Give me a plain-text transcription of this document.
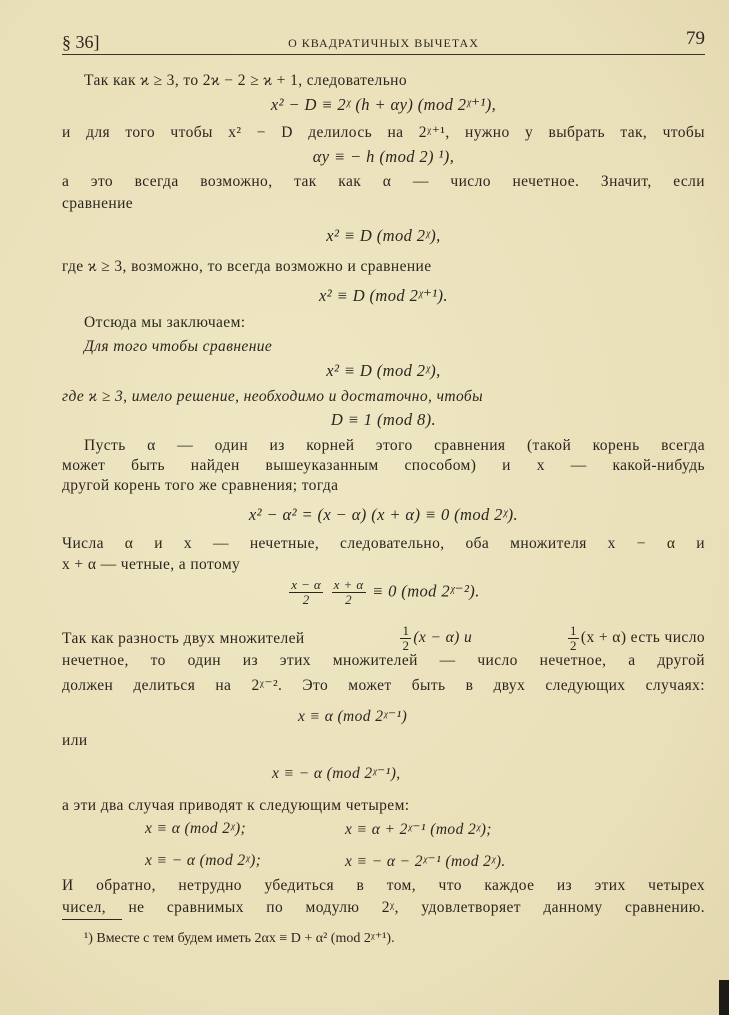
§ 36]	О КВАДРАТИЧНЫХ ВЫЧЕТАХ	79
Так как ϰ ≥ 3, то 2ϰ − 2 ≥ ϰ + 1, следовательно
x² − D ≡ 2ᵡ (h + αy) (mod 2ᵡ⁺¹),
и для того чтобы x² − D делилось на 2ᵡ⁺¹, нужно y выбрать так, чтобы
αy ≡ − h (mod 2) ¹),
а это всегда возможно, так как α — число нечетное. Значит, если
сравнение
x² ≡ D (mod 2ᵡ),
где ϰ ≥ 3, возможно, то всегда возможно и сравнение
x² ≡ D (mod 2ᵡ⁺¹).
Отсюда мы заключаем:
Для того чтобы сравнение
x² ≡ D (mod 2ᵡ),
где ϰ ≥ 3, имело решение, необходимо и достаточно, чтобы
D ≡ 1 (mod 8).
Пусть α — один из корней этого сравнения (такой корень всегда
может быть найден вышеуказанным способом) и x — какой-нибудь
другой корень того же сравнения; тогда
x² − α² = (x − α) (x + α) ≡ 0 (mod 2ᵡ).
Числа α и x — нечетные, следовательно, оба множителя x − α и
x + α — четные, а потому
$\frac{x - \alpha}{2}$
$\frac{x + \alpha}{2} \equiv 0$ (mod 2ᵡ⁻²).
Так как разность двух множителей	$\frac{1}{2} (x - \alpha)$ и	$\frac{1}{2} (x + \alpha)$ есть число
нечетное, то один из этих множителей — число нечетное, а другой
должен делиться на 2ᵡ⁻². Это может быть в двух следующих случаях:
x ≡ α (mod 2ᵡ⁻¹)
или
x ≡ − α (mod 2ᵡ⁻¹),
а эти два случая приводят к следующим четырем:
x ≡ α (mod 2ᵡ);	x ≡ α + 2ᵡ⁻¹ (mod 2ᵡ);
x ≡ − α (mod 2ᵡ);	x ≡ − α − 2ᵡ⁻¹ (mod 2ᵡ).
И обратно, нетрудно убедиться в том, что каждое из этих четырех
чисел, не сравнимых по модулю 2ᵡ, удовлетворяет данному сравнению.
¹) Вместе с тем будем иметь 2αx ≡ D + α² (mod 2ᵡ⁺¹).
